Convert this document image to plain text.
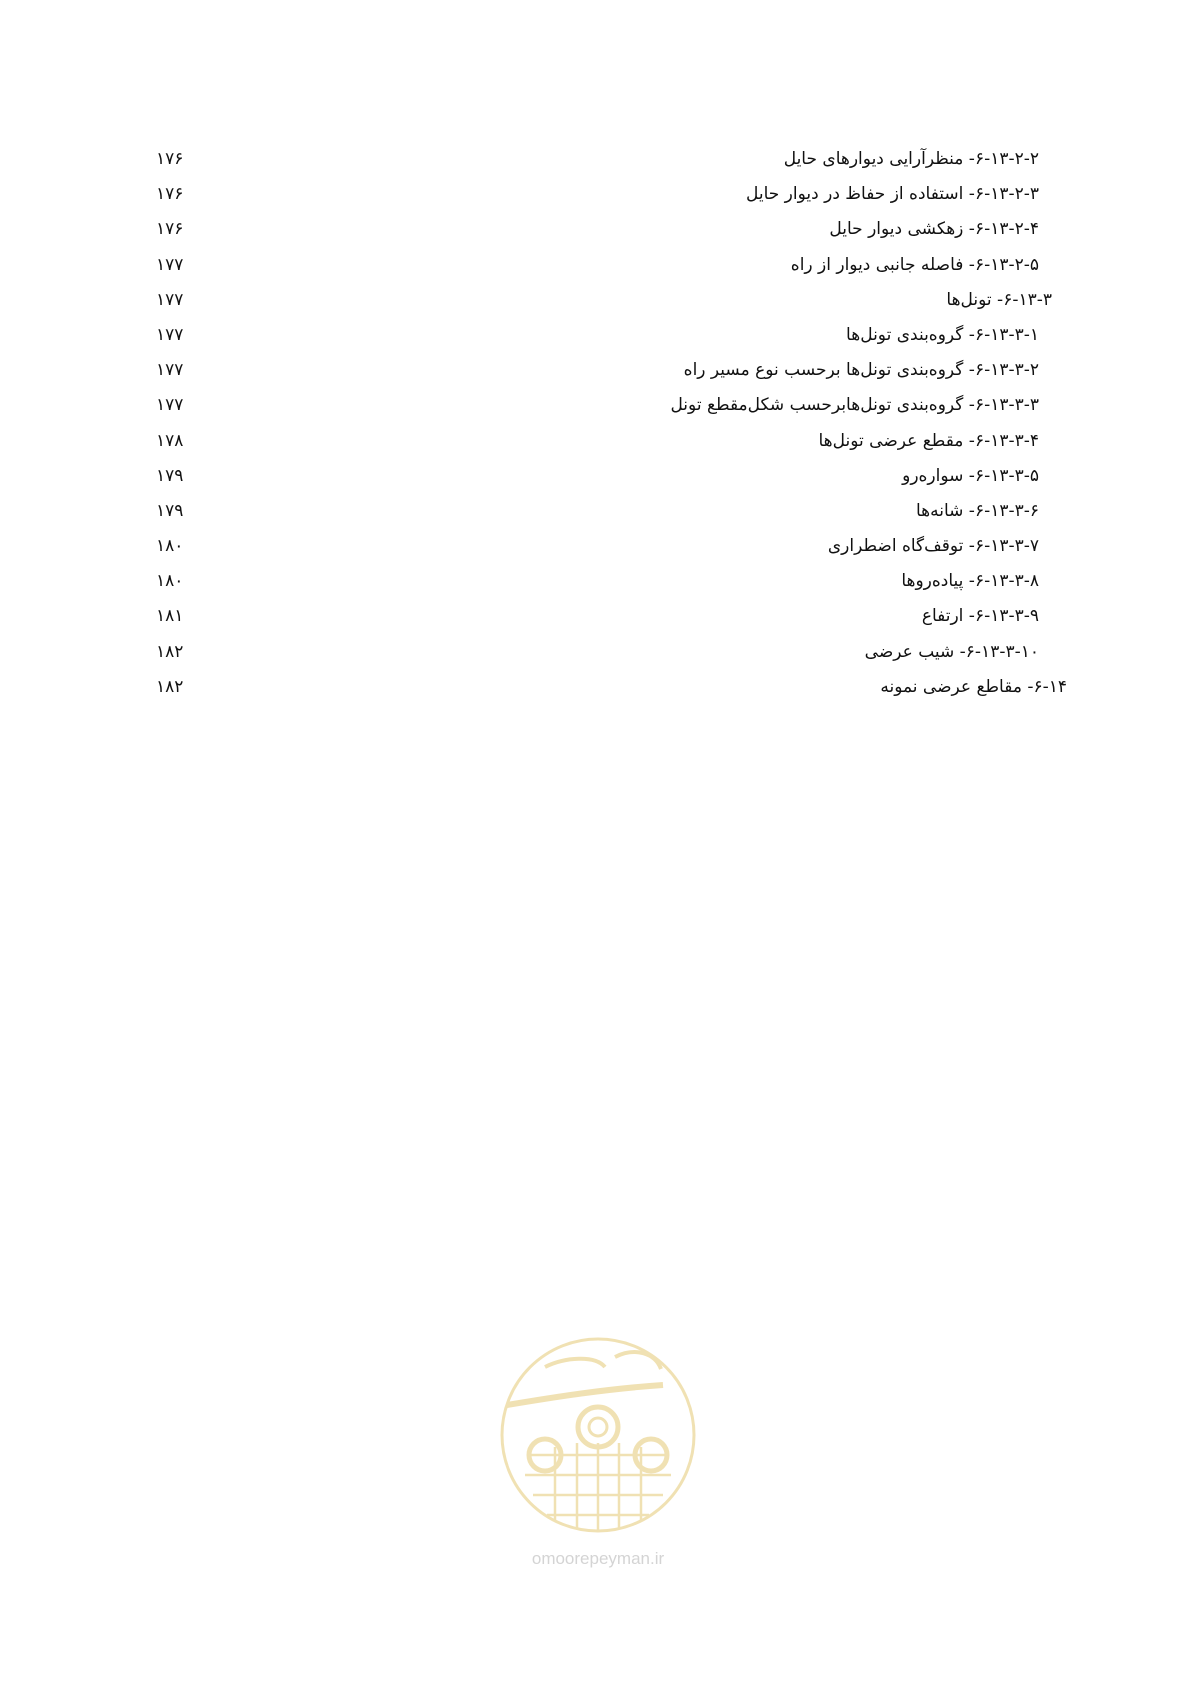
۶-۱۳-۲-۲- منظرآرایی دیوارهای حایل
۱۷۶
۶-۱۳-۲-۳- استفاده از حفاظ در دیوار حایل
۱۷۶
۶-۱۳-۲-۴- زهکشی دیوار حایل
۱۷۶
۶-۱۳-۲-۵- فاصله جانبی دیوار از راه
۱۷۷
۶-۱۳-۳- تونل‌ها
۱۷۷
۶-۱۳-۳-۱- گروه‌بندی تونل‌ها
۱۷۷
۶-۱۳-۳-۲- گروه‌بندی تونل‌ها برحسب نوع مسیر راه
۱۷۷
۶-۱۳-۳-۳- گروه‌بندی تونل‌هابرحسب شکل‌مقطع تونل
۱۷۷
۶-۱۳-۳-۴- مقطع عرضی تونل‌ها
۱۷۸
۶-۱۳-۳-۵- سواره‌رو
۱۷۹
۶-۱۳-۳-۶- شانه‌ها
۱۷۹
۶-۱۳-۳-۷- توقف‌گاه اضطراری
۱۸۰
۶-۱۳-۳-۸- پیاده‌روها
۱۸۰
۶-۱۳-۳-۹- ارتفاع
۱۸۱
۶-۱۳-۳-۱۰- شیب عرضی
۱۸۲
۶-۱۴- مقاطع عرضی نمونه
۱۸۲
omoorepeyman.ir
